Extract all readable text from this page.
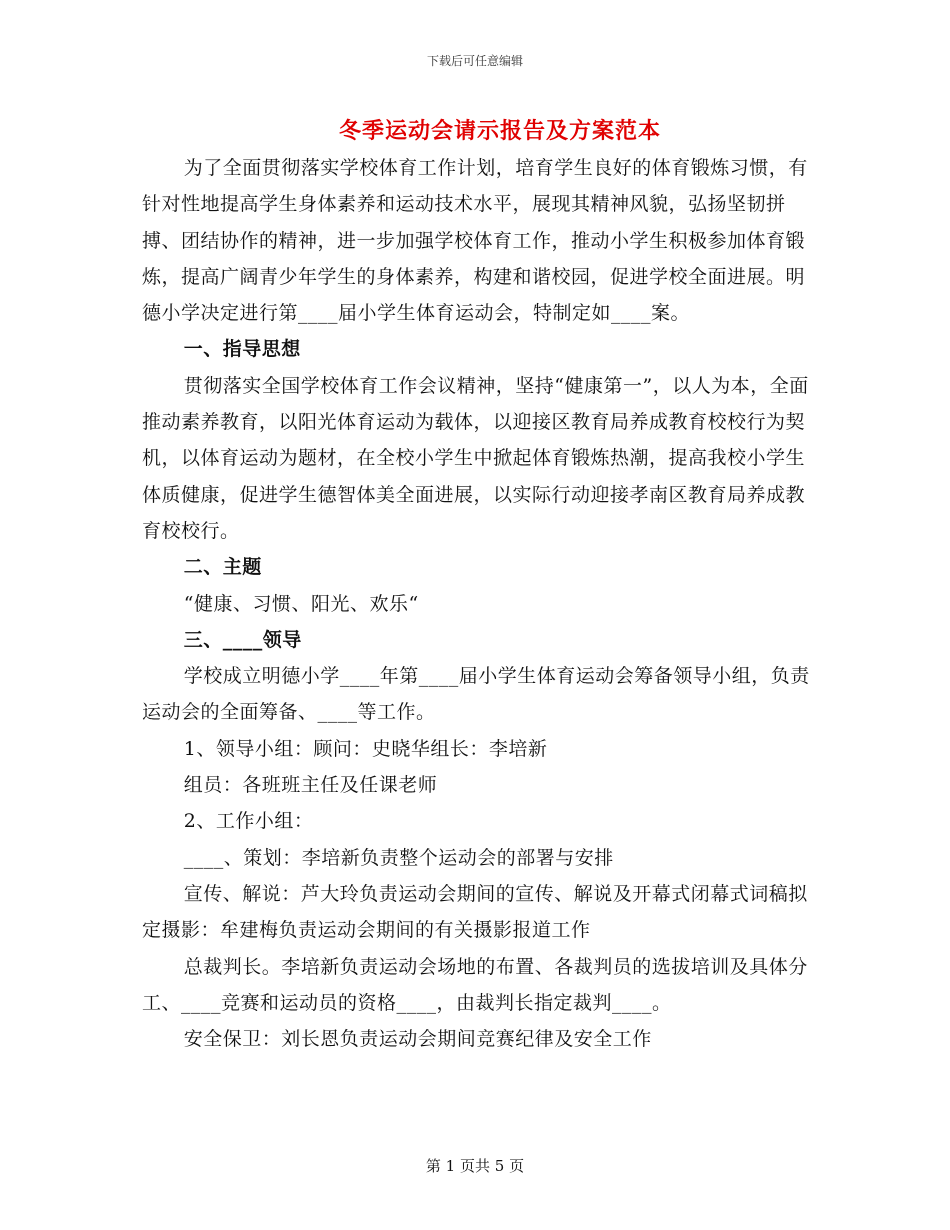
下载后可任意编辑
冬季运动会请示报告及方案范本

为了全面贯彻落实学校体育工作计划，培育学生良好的体育锻炼习惯，有针对性地提高学生身体素养和运动技术水平，展现其精神风貌，弘扬坚韧拼搏、团结协作的精神，进一步加强学校体育工作，推动小学生积极参加体育锻炼，提高广阔青少年学生的身体素养，构建和谐校园，促进学校全面进展。明德小学决定进行第____届小学生体育运动会，特制定如____案。

一、指导思想

贯彻落实全国学校体育工作会议精神，坚持“健康第一”，以人为本，全面推动素养教育，以阳光体育运动为载体，以迎接区教育局养成教育校校行为契机，以体育运动为题材，在全校小学生中掀起体育锻炼热潮，提高我校小学生体质健康，促进学生德智体美全面进展，以实际行动迎接孝南区教育局养成教育校校行。

二、主题

“健康、习惯、阳光、欢乐“

三、____领导

学校成立明德小学____年第____届小学生体育运动会筹备领导小组，负责运动会的全面筹备、____等工作。

1、领导小组：顾问：史晓华组长：李培新

组员：各班班主任及任课老师

2、工作小组：

____、策划：李培新负责整个运动会的部署与安排

宣传、解说：芦大玲负责运动会期间的宣传、解说及开幕式闭幕式词稿拟定摄影：牟建梅负责运动会期间的有关摄影报道工作

总裁判长。李培新负责运动会场地的布置、各裁判员的选拔培训及具体分工、____竞赛和运动员的资格____，由裁判长指定裁判____。

安全保卫：刘长恩负责运动会期间竞赛纪律及安全工作

第 1 页共 5 页
